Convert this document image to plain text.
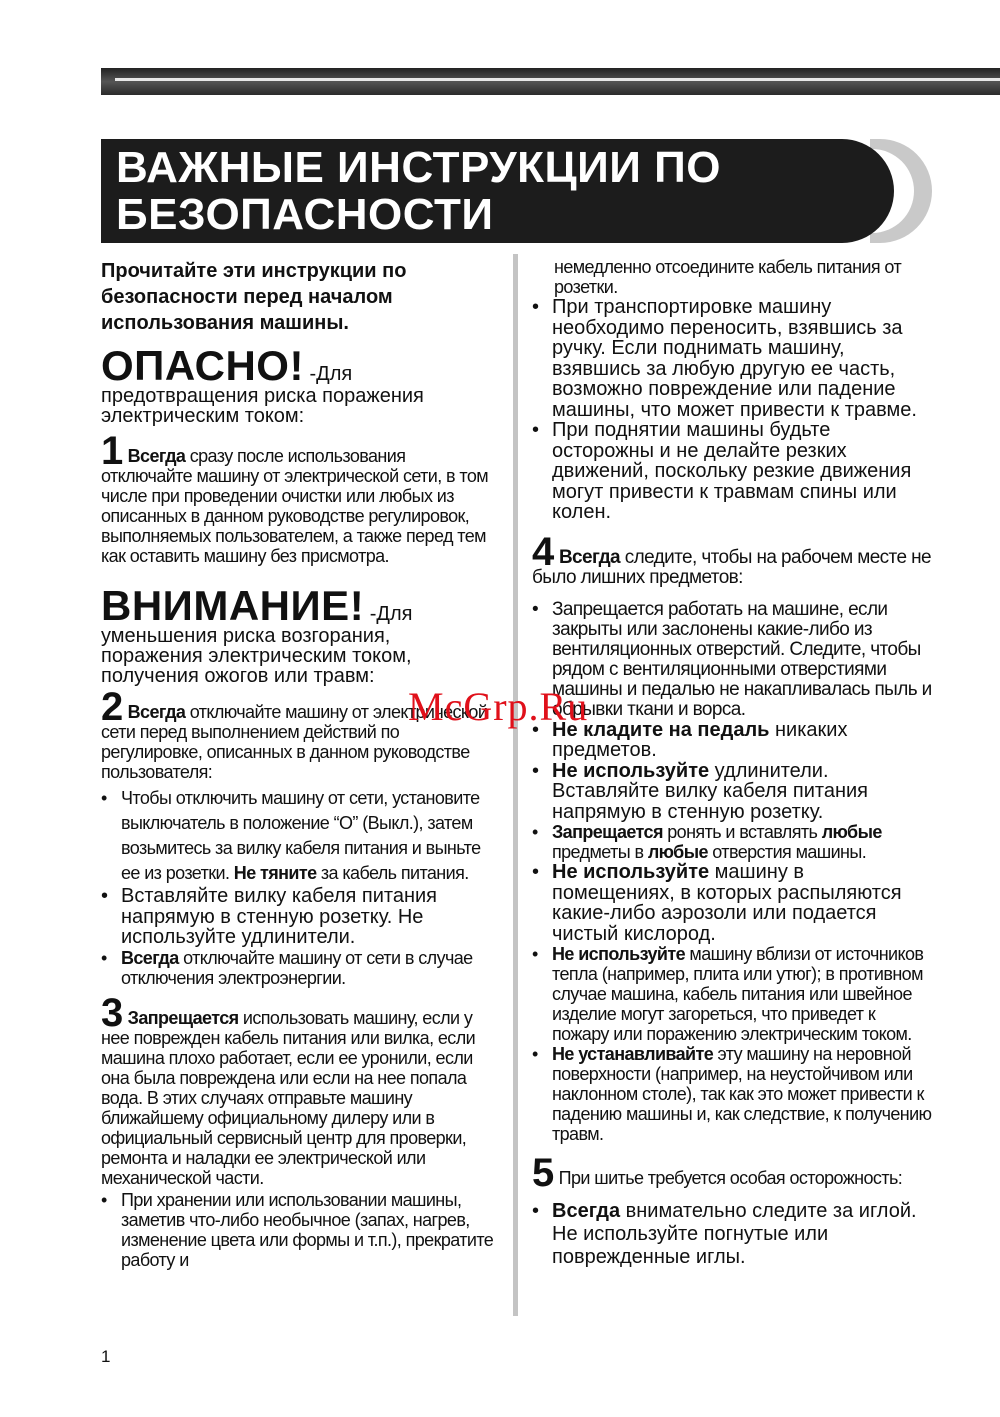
ВАЖНЫЕ ИНСТРУКЦИИ ПО
БЕЗОПАСНОСТИ

Прочитайте эти инструкции по безопасности перед началом использования машины.

ОПАСНО! -Для

предотвращения риска поражения электрическим током:

1 Всегда сразу после использования отключайте машину от электрической сети, в том числе при проведении очистки или любых из описанных в данном руководстве регулировок, выполняемых пользователем, а также перед тем как оставить машину без присмотра.

ВНИМАНИЕ! -Для

уменьшения риска возгорания, поражения электрическим током, получения ожогов или травм:

2 Всегда отключайте машину от электрической сети перед выполнением действий по регулировке, описанных в данном руководстве пользователя:

• Чтобы отключить машину от сети, установите выключатель в положение “O” (Выкл.), затем возьмитесь за вилку кабеля питания и выньте ее из розетки. Не тяните за кабель питания.
• Вставляйте вилку кабеля питания напрямую в стенную розетку. Не используйте удлинители.
• Всегда отключайте машину от сети в случае отключения электроэнергии.

3 Запрещается использовать машину, если у нее поврежден кабель питания или вилка, если машина плохо работает, если ее уронили, если она была повреждена или если на нее попала вода. В этих случаях отправьте машину ближайшему официальному дилеру или в официальный сервисный центр для проверки, ремонта и наладки ее электрической или механической части.

• При хранении или использовании машины, заметив что-либо необычное (запах, нагрев, изменение цвета или формы и т.п.), прекратите работу и

немедленно отсоедините кабель питания от розетки.

• При транспортировке машину необходимо переносить, взявшись за ручку. Если поднимать машину, взявшись за любую другую ее часть, возможно повреждение или падение машины, что может привести к травме.
• При поднятии машины будьте осторожны и не делайте резких движений, поскольку резкие движения могут привести к травмам спины или колен.

4 Всегда следите, чтобы на рабочем месте не было лишних предметов:

• Запрещается работать на машине, если закрыты или заслонены какие-либо из вентиляционных отверстий. Следите, чтобы рядом с вентиляционными отверстиями машины и педалью не накапливалась пыль и обрывки ткани и ворса.
• Не кладите на педаль никаких предметов.
• Не используйте удлинители. Вставляйте вилку кабеля питания напрямую в стенную розетку.
• Запрещается ронять и вставлять любые предметы в любые отверстия машины.
• Не используйте машину в помещениях, в которых распыляются какие-либо аэрозоли или подается чистый кислород.
• Не используйте машину вблизи от источников тепла (например, плита или утюг); в противном случае машина, кабель питания или швейное изделие могут загореться, что приведет к пожару или поражению электрическим током.
• Не устанавливайте эту машину на неровной поверхности (например, на неустойчивом или наклонном столе), так как это может привести к падению машины и, как следствие, к получению травм.

5 При шитье требуется особая осторожность:

• Всегда внимательно следите за иглой. Не используйте погнутые или поврежденные иглы.
McGrp.Ru
1
